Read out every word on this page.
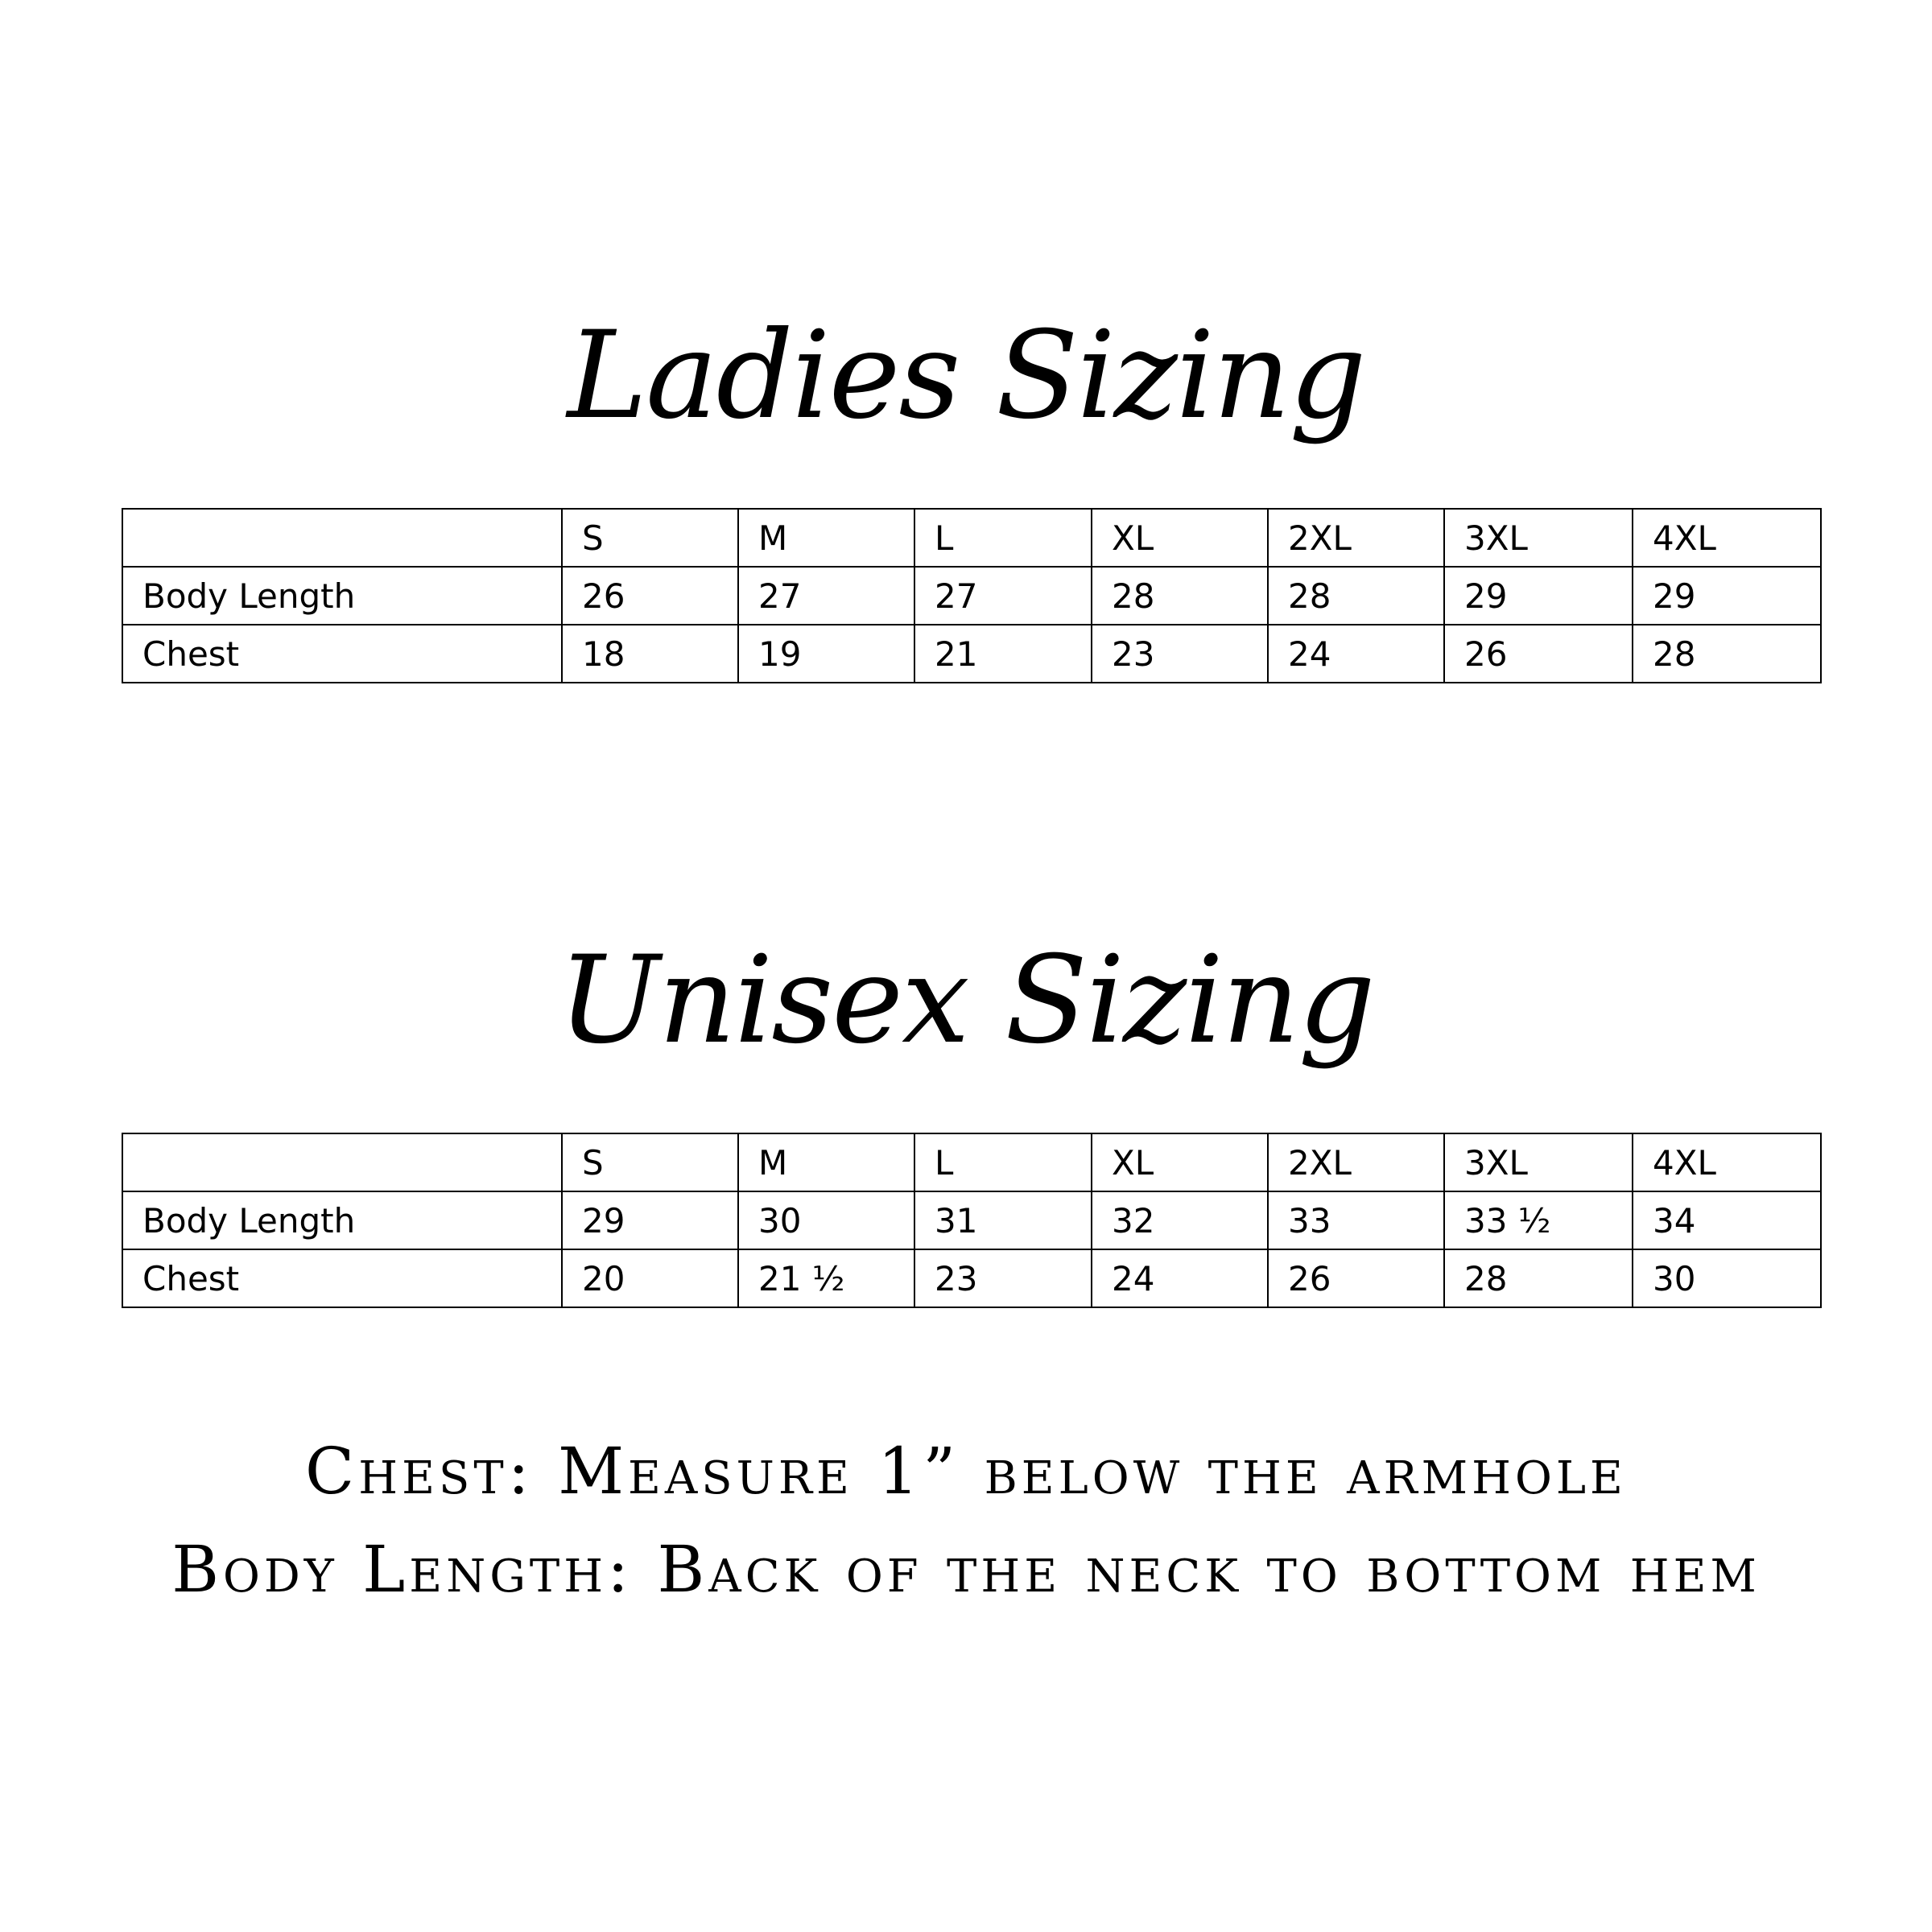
Ladies Sizing
	S	M	L	XL	2XL	3XL	4XL
Body Length	26	27	27	28	28	29	29
Chest	18	19	21	23	24	26	28
Unisex Sizing
	S	M	L	XL	2XL	3XL	4XL
Body Length	29	30	31	32	33	33 ½	34
Chest	20	21 ½	23	24	26	28	30
Chest: Measure 1” below the armhole
Body Length: Back of the neck to bottom hem
